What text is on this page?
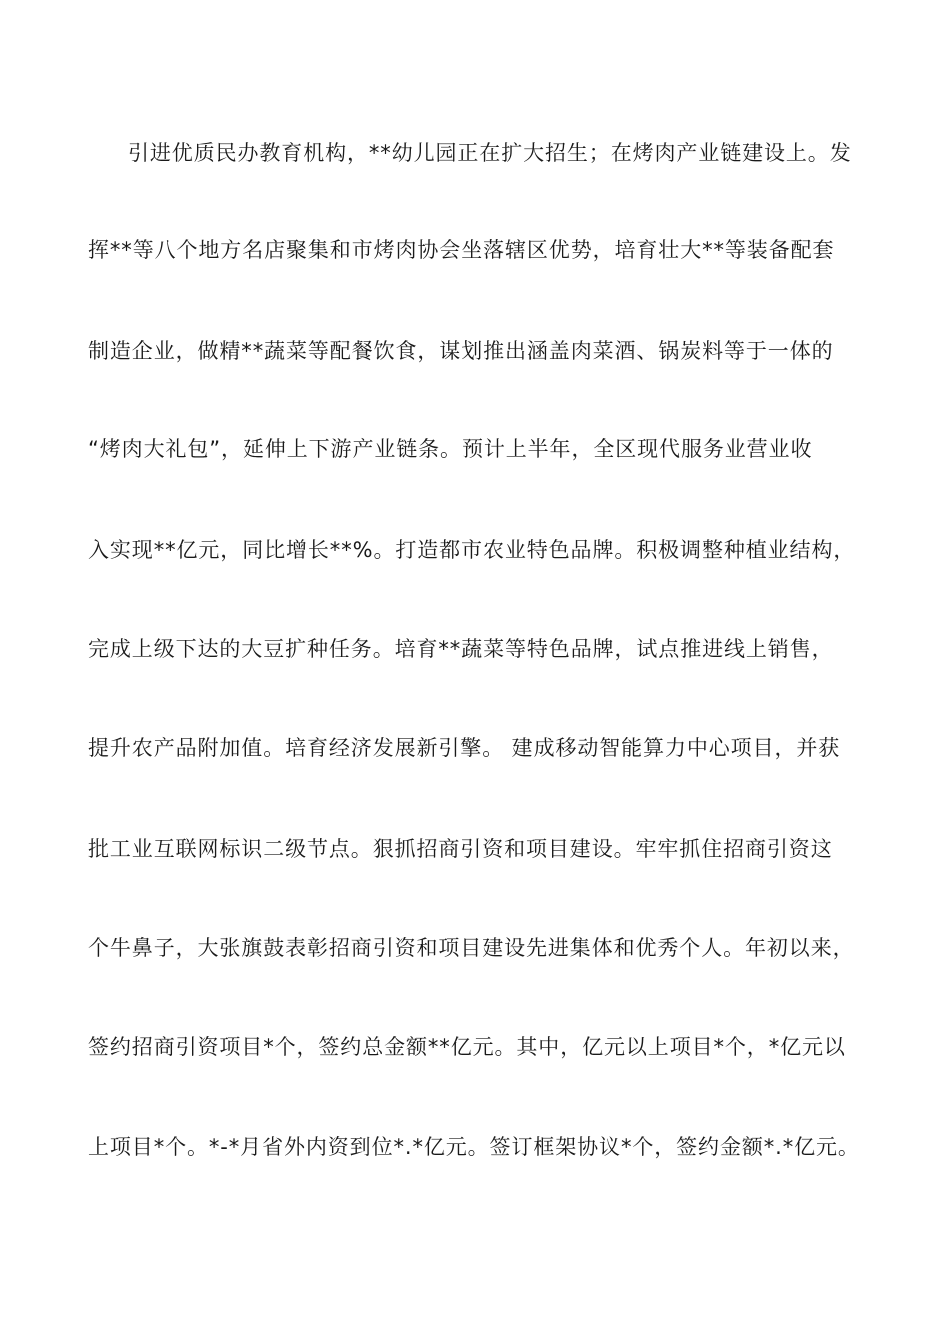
引进优质民办教育机构，**幼儿园正在扩大招生；在烤肉产业链建设上。发
挥**等八个地方名店聚集和市烤肉协会坐落辖区优势，培育壮大**等装备配套
制造企业，做精**蔬菜等配餐饮食，谋划推出涵盖肉菜酒、锅炭料等于一体的
“烤肉大礼包”，延伸上下游产业链条。预计上半年，全区现代服务业营业收
入实现**亿元，同比增长**%。打造都市农业特色品牌。积极调整种植业结构，
完成上级下达的大豆扩种任务。培育**蔬菜等特色品牌，试点推进线上销售，
提升农产品附加值。培育经济发展新引擎。 建成移动智能算力中心项目，并获
批工业互联网标识二级节点。狠抓招商引资和项目建设。牢牢抓住招商引资这
个牛鼻子，大张旗鼓表彰招商引资和项目建设先进集体和优秀个人。年初以来，
签约招商引资项目*个，签约总金额**亿元。其中，亿元以上项目*个，*亿元以
上项目*个。*-*月省外内资到位*.*亿元。签订框架协议*个，签约金额*.*亿元。
